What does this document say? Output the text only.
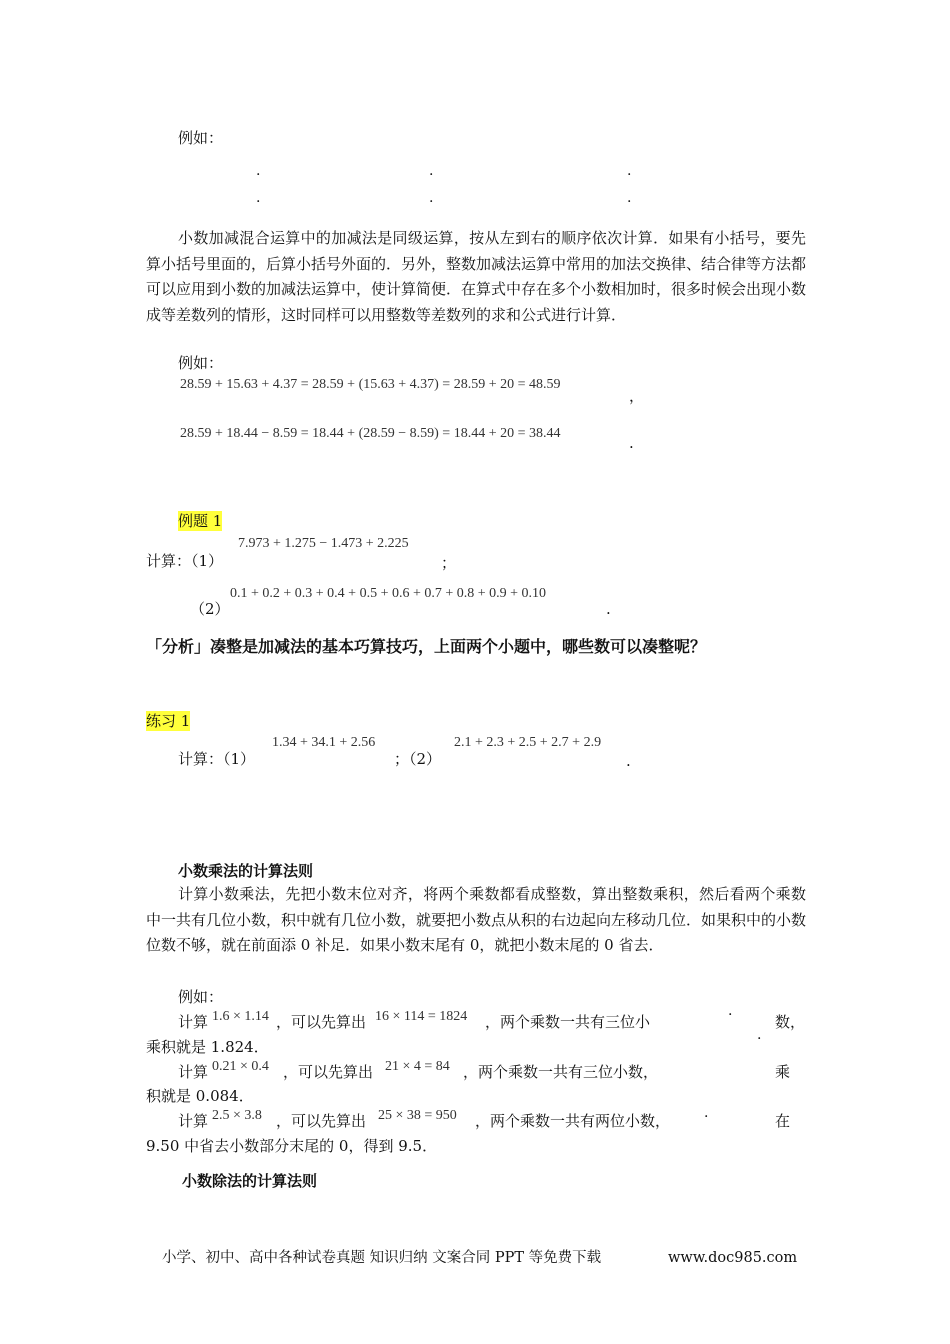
例如：
.	.	.
.	.	.
小数加减混合运算中的加减法是同级运算，按从左到右的顺序依次计算．如果有小括号，要先算小括号里面的，后算小括号外面的．另外，整数加减法运算中常用的加法交换律、结合律等方法都可以应用到小数的加减法运算中，使计算简便．在算式中存在多个小数相加时，很多时候会出现小数成等差数列的情形，这时同样可以用整数等差数列的求和公式进行计算．
例如：
28.59 + 15.63 + 4.37 = 28.59 + (15.63 + 4.37) = 28.59 + 20 = 48.59
，
28.59 + 18.44 − 8.59 = 18.44 + (28.59 − 8.59) = 18.44 + 20 = 38.44
.
例题 1
7.973 + 1.275 − 1.473 + 2.225
计算：（1）	；
0.1 + 0.2 + 0.3 + 0.4 + 0.5 + 0.6 + 0.7 + 0.8 + 0.9 + 0.10
（2）	.
「分析」凑整是加减法的基本巧算技巧，上面两个小题中，哪些数可以凑整呢？
练习 1
1.34 + 34.1 + 2.56	2.1 + 2.3 + 2.5 + 2.7 + 2.9
计算：（1）	；（2）	.
小数乘法的计算法则
计算小数乘法，先把小数末位对齐，将两个乘数都看成整数，算出整数乘积，然后看两个乘数中一共有几位小数，积中就有几位小数，就要把小数点从积的右边起向左移动几位．如果积中的小数位数不够，就在前面添 0 补足．如果小数末尾有 0，就把小数末尾的 0 省去．
例如：
计算 1.6 × 1.14 ，可以先算出 16 × 114 = 1824 ，两个乘数一共有三位小
.
.
数，
乘积就是 1.824．
计算 0.21 × 0.4 ，可以先算出 21 × 4 = 84 ，两个乘数一共有三位小数，	乘
积就是 0.084．
计算 2.5 × 3.8 ，可以先算出 25 × 38 = 950 ，两个乘数一共有两位小数， ·	在
9.50 中省去小数部分末尾的 0，得到 9.5．
小数除法的计算法则
小学、初中、高中各种试卷真题 知识归纳 文案合同 PPT 等免费下载	www.doc985.com
